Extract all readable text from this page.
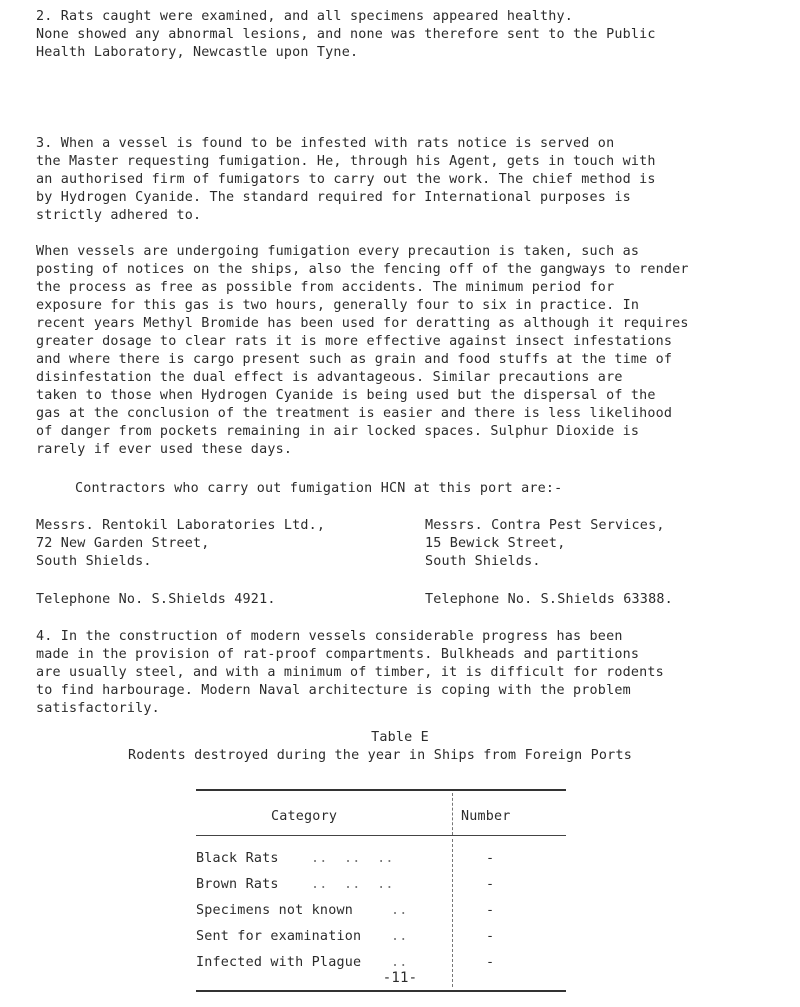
2. Rats caught were examined, and all specimens appeared healthy.
None showed any abnormal lesions, and none was therefore sent to the Public
Health Laboratory, Newcastle upon Tyne.

3. When a vessel is found to be infested with rats notice is served on
the Master requesting fumigation. He, through his Agent, gets in touch with
an authorised firm of fumigators to carry out the work. The chief method is
by Hydrogen Cyanide. The standard required for International purposes is
strictly adhered to.

When vessels are undergoing fumigation every precaution is taken, such as
posting of notices on the ships, also the fencing off of the gangways to render
the process as free as possible from accidents. The minimum period for
exposure for this gas is two hours, generally four to six in practice. In
recent years Methyl Bromide has been used for deratting as although it requires
greater dosage to clear rats it is more effective against insect infestations
and where there is cargo present such as grain and food stuffs at the time of
disinfestation the dual effect is advantageous. Similar precautions are
taken to those when Hydrogen Cyanide is being used but the dispersal of the
gas at the conclusion of the treatment is easier and there is less likelihood
of danger from pockets remaining in air locked spaces. Sulphur Dioxide is
rarely if ever used these days.

Contractors who carry out fumigation HCN at this port are:-
Messrs. Rentokil Laboratories Ltd.,
72 New Garden Street,
South Shields.
Telephone No. S.Shields 4921.
Messrs. Contra Pest Services,
15 Bewick Street,
South Shields.
Telephone No. S.Shields 63388.

4. In the construction of modern vessels considerable progress has been
made in the provision of rat-proof compartments. Bulkheads and partitions
are usually steel, and with a minimum of timber, it is difficult for rodents
to find harbourage. Modern Naval architecture is coping with the problem
satisfactorily.

Table E
Rodents destroyed during the year in Ships from Foreign Ports
Category	Number
Black Rats ..  ..  ..	-
Brown Rats ..  ..  ..	-
Specimens not known	..	-
Sent for examination ..	-
Infected with Plague ..	-
-11-
